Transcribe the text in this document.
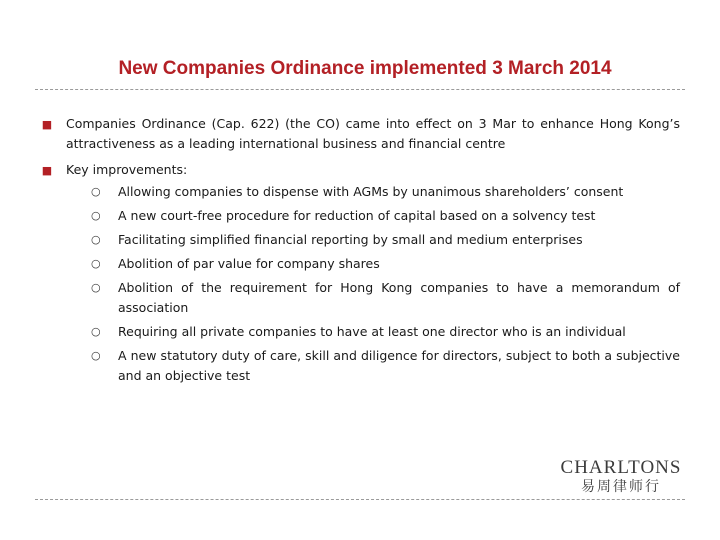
New Companies Ordinance implemented 3 March 2014
■ Companies Ordinance (Cap. 622) (the CO) came into effect on 3 Mar to enhance Hong Kong’s attractiveness as a leading international business and financial centre
■ Key improvements:
○ Allowing companies to dispense with AGMs by unanimous shareholders’ consent
○ A new court-free procedure for reduction of capital based on a solvency test
○ Facilitating simplified financial reporting by small and medium enterprises
○ Abolition of par value for company shares
○ Abolition of the requirement for Hong Kong companies to have a memorandum of association
○ Requiring all private companies to have at least one director who is an individual
○ A new statutory duty of care, skill and diligence for directors, subject to both a subjective and an objective test
CHARLTONS
易周律师行
